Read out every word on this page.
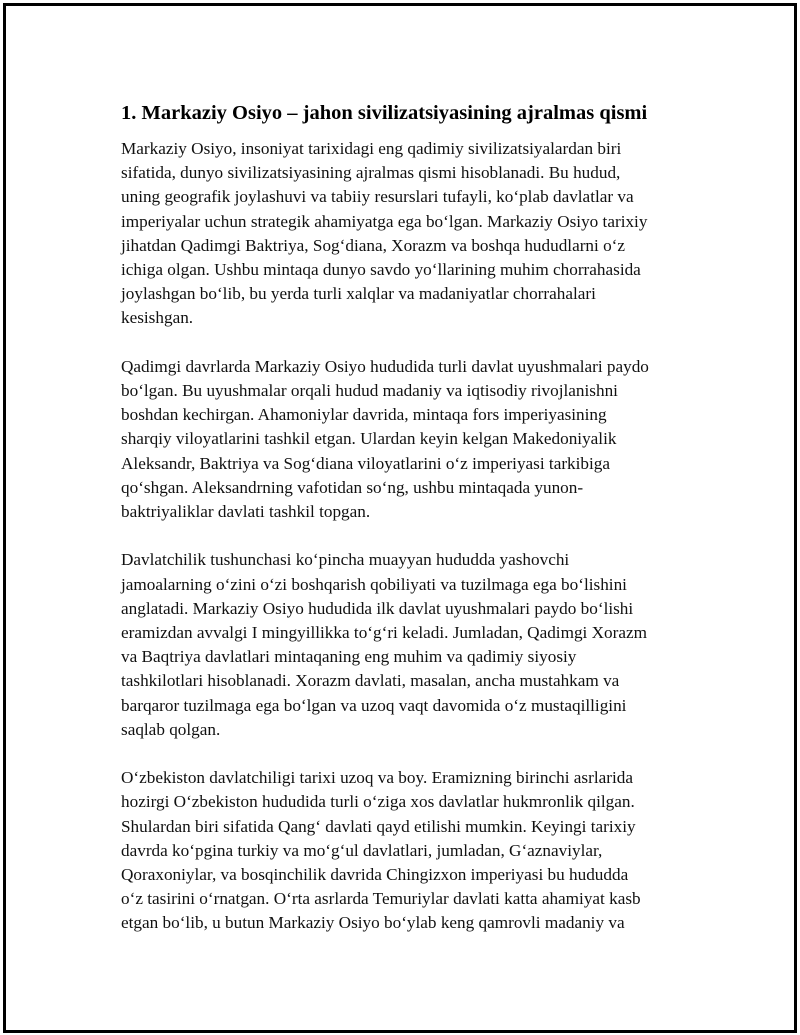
1. Markaziy Osiyo – jahon sivilizatsiyasining ajralmas qismi

Markaziy Osiyo, insoniyat tarixidagi eng qadimiy sivilizatsiyalardan biri
sifatida, dunyo sivilizatsiyasining ajralmas qismi hisoblanadi. Bu hudud,
uning geografik joylashuvi va tabiiy resurslari tufayli, ko‘plab davlatlar va
imperiyalar uchun strategik ahamiyatga ega bo‘lgan. Markaziy Osiyo tarixiy
jihatdan Qadimgi Baktriya, Sog‘diana, Xorazm va boshqa hududlarni o‘z
ichiga olgan. Ushbu mintaqa dunyo savdo yo‘llarining muhim chorrahasida
joylashgan bo‘lib, bu yerda turli xalqlar va madaniyatlar chorrahalari
kesishgan.

Qadimgi davrlarda Markaziy Osiyo hududida turli davlat uyushmalari paydo
bo‘lgan. Bu uyushmalar orqali hudud madaniy va iqtisodiy rivojlanishni
boshdan kechirgan. Ahamoniylar davrida, mintaqa fors imperiyasining
sharqiy viloyatlarini tashkil etgan. Ulardan keyin kelgan Makedoniyalik
Aleksandr, Baktriya va Sog‘diana viloyatlarini o‘z imperiyasi tarkibiga
qo‘shgan. Aleksandrning vafotidan so‘ng, ushbu mintaqada yunon-
baktriyaliklar davlati tashkil topgan.

Davlatchilik tushunchasi ko‘pincha muayyan hududda yashovchi
jamoalarning o‘zini o‘zi boshqarish qobiliyati va tuzilmaga ega bo‘lishini
anglatadi. Markaziy Osiyo hududida ilk davlat uyushmalari paydo bo‘lishi
eramizdan avvalgi I mingyillikka to‘g‘ri keladi. Jumladan, Qadimgi Xorazm
va Baqtriya davlatlari mintaqaning eng muhim va qadimiy siyosiy
tashkilotlari hisoblanadi. Xorazm davlati, masalan, ancha mustahkam va
barqaror tuzilmaga ega bo‘lgan va uzoq vaqt davomida o‘z mustaqilligini
saqlab qolgan.

O‘zbekiston davlatchiligi tarixi uzoq va boy. Eramizning birinchi asrlarida
hozirgi O‘zbekiston hududida turli o‘ziga xos davlatlar hukmronlik qilgan.
Shulardan biri sifatida Qang‘ davlati qayd etilishi mumkin. Keyingi tarixiy
davrda ko‘pgina turkiy va mo‘g‘ul davlatlari, jumladan, G‘aznaviylar,
Qoraxoniylar, va bosqinchilik davrida Chingizxon imperiyasi bu hududda
o‘z tasirini o‘rnatgan. O‘rta asrlarda Temuriylar davlati katta ahamiyat kasb
etgan bo‘lib, u butun Markaziy Osiyo bo‘ylab keng qamrovli madaniy va
